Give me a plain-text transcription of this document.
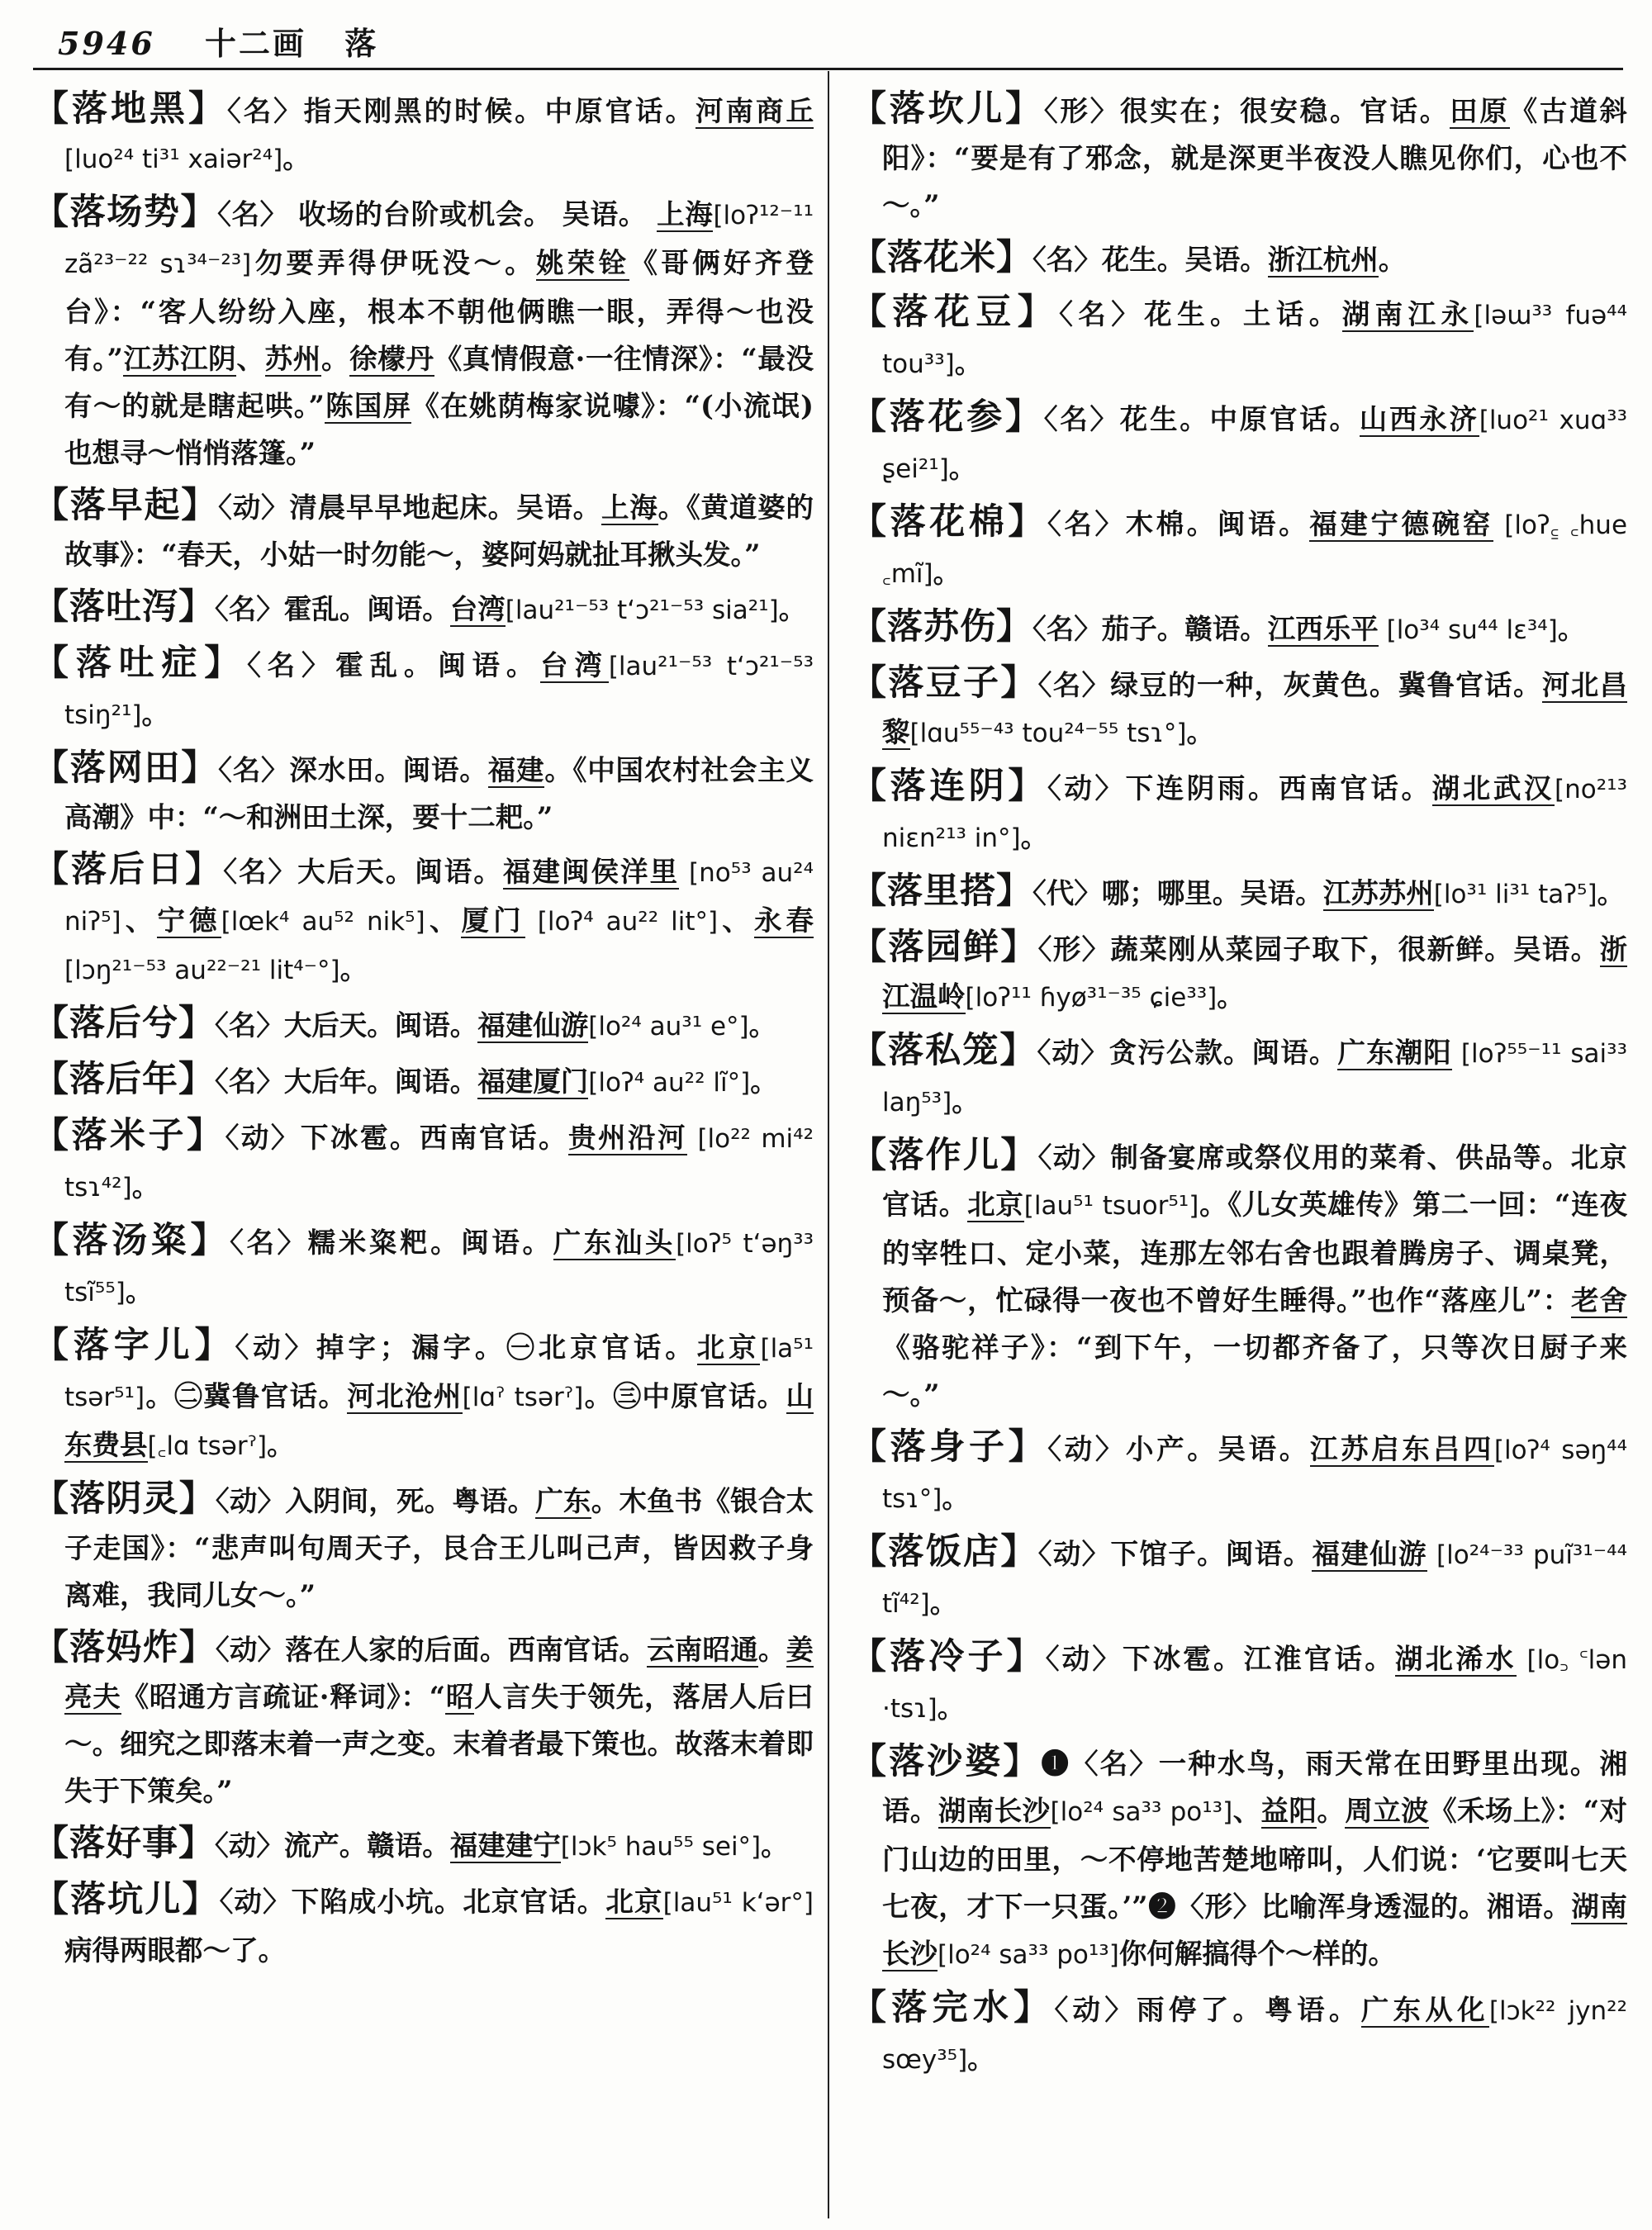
5946 十二画 落
【落地黑】〈名〉指天刚黑的时候。中原官话。河南商丘[luo²⁴ ti³¹ xaiər²⁴]。
【落场势】〈名〉 收场的台阶或机会。 吴语。 上海[loʔ¹²⁻¹¹ zã²³⁻²² sɿ³⁴⁻²³]勿要弄得伊呒没～。姚荣铨《哥俩好齐登台》：“客人纷纷入座，根本不朝他俩瞧一眼，弄得～也没有。”江苏江阴、苏州。徐檬丹《真情假意·一往情深》：“最没有～的就是瞎起哄。”陈国屏《在姚荫梅家说噱》：“(小流氓)也想寻～悄悄落篷。”
【落早起】〈动〉清晨早早地起床。吴语。上海。《黄道婆的故事》：“春天，小姑一时勿能～，婆阿妈就扯耳揪头发。”
【落吐泻】〈名〉霍乱。闽语。台湾[lau²¹⁻⁵³ tʻɔ²¹⁻⁵³ sia²¹]。
【落吐症】〈名〉霍乱。闽语。台湾[lau²¹⁻⁵³ tʻɔ²¹⁻⁵³ tsiŋ²¹]。
【落网田】〈名〉深水田。闽语。福建。《中国农村社会主义高潮》中：“～和洲田土深，要十二耙。”
【落后日】〈名〉大后天。闽语。福建闽侯洋里 [no⁵³ au²⁴ niʔ⁵]、宁德[lœk⁴ au⁵² nik⁵]、厦门 [loʔ⁴ au²² lit°]、永春[lɔŋ²¹⁻⁵³ au²²⁻²¹ lit⁴⁻°]。
【落后兮】〈名〉大后天。闽语。福建仙游[lo²⁴ au³¹ e°]。
【落后年】〈名〉大后年。闽语。福建厦门[loʔ⁴ au²² lĩ°]。
【落米子】〈动〉下冰雹。西南官话。贵州沿河 [lo²² mi⁴² tsɿ⁴²]。
【落汤粢】〈名〉糯米粢粑。闽语。广东汕头[loʔ⁵ tʻəŋ³³ tsĩ⁵⁵]。
【落字儿】〈动〉掉字；漏字。㊀北京官话。北京[la⁵¹ tsər⁵¹]。㊁冀鲁官话。河北沧州[lɑˀ tsərˀ]。㊂中原官话。山东费县[꜀lɑ tsərˀ]。
【落阴灵】〈动〉入阴间，死。粤语。广东。木鱼书《银合太子走国》：“悲声叫句周天子，艮合王儿叫己声，皆因救子身离难，我同儿女～。”
【落妈炸】〈动〉落在人家的后面。西南官话。云南昭通。姜亮夫《昭通方言疏证·释词》：“昭人言失于领先，落居人后曰～。细究之即落末着一声之变。末着者最下策也。故落末着即失于下策矣。”
【落好事】〈动〉流产。赣语。福建建宁[lɔk⁵ hau⁵⁵ sei°]。
【落坑儿】〈动〉下陷成小坑。北京官话。北京[lau⁵¹ kʻər°]病得两眼都～了。
【落坎儿】〈形〉很实在；很安稳。官话。田原《古道斜阳》：“要是有了邪念，就是深更半夜没人瞧见你们，心也不～。”
【落花米】〈名〉花生。吴语。浙江杭州。
【落花豆】〈名〉花生。土话。湖南江永[ləɯ³³ fuə⁴⁴ tou³³]。
【落花参】〈名〉花生。中原官话。山西永济[luo²¹ xuɑ³³ ʂei²¹]。
【落花棉】〈名〉木棉。闽语。福建宁德碗窑 [loʔ꜁ ꜀hue ꜀mĩ]。
【落苏伤】〈名〉茄子。赣语。江西乐平 [lo³⁴ su⁴⁴ lɛ³⁴]。
【落豆子】〈名〉绿豆的一种，灰黄色。冀鲁官话。河北昌黎[lɑu⁵⁵⁻⁴³ tou²⁴⁻⁵⁵ tsɿ°]。
【落连阴】〈动〉下连阴雨。西南官话。湖北武汉[no²¹³ niɛn²¹³ in°]。
【落里搭】〈代〉哪；哪里。吴语。江苏苏州[lo³¹ li³¹ taʔ⁵]。
【落园鲜】〈形〉蔬菜刚从菜园子取下，很新鲜。吴语。浙江温岭[loʔ¹¹ ɦyø³¹⁻³⁵ ɕie³³]。
【落私笼】〈动〉贪污公款。闽语。广东潮阳 [loʔ⁵⁵⁻¹¹ sai³³ laŋ⁵³]。
【落作儿】〈动〉制备宴席或祭仪用的菜肴、供品等。北京官话。北京[lau⁵¹ tsuor⁵¹]。《儿女英雄传》第二一回：“连夜的宰牲口、定小菜，连那左邻右舍也跟着腾房子、调桌凳，预备～，忙碌得一夜也不曾好生睡得。”也作“落座儿”：老舍《骆驼祥子》：“到下午，一切都齐备了，只等次日厨子来～。”
【落身子】〈动〉小产。吴语。江苏启东吕四[loʔ⁴ səŋ⁴⁴ tsɿ°]。
【落饭店】〈动〉下馆子。闽语。福建仙游 [lo²⁴⁻³³ puĩ³¹⁻⁴⁴ tĩ⁴²]。
【落冷子】〈动〉下冰雹。江淮官话。湖北浠水 [lo꜆ ꜂lən ·tsɿ]。
【落沙婆】❶〈名〉一种水鸟，雨天常在田野里出现。湘语。湖南长沙[lo²⁴ sa³³ po¹³]、益阳。周立波《禾场上》：“对门山边的田里，～不停地苦楚地啼叫，人们说：‘它要叫七天七夜，才下一只蛋。’”❷〈形〉比喻浑身透湿的。湘语。湖南长沙[lo²⁴ sa³³ po¹³]你何解搞得个～样的。
【落完水】〈动〉雨停了。粤语。广东从化[lɔk²² jyn²² sœy³⁵]。
